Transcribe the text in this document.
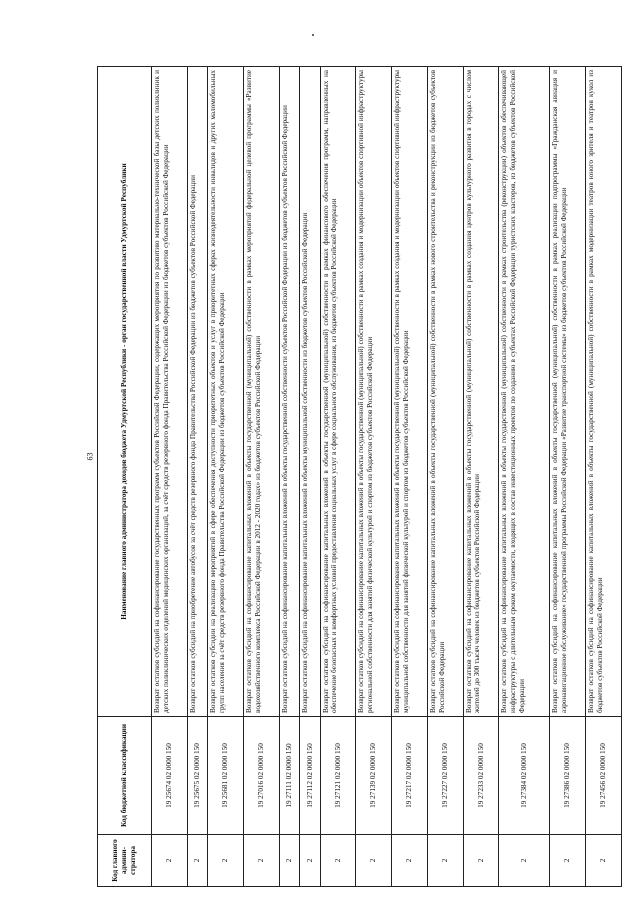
63
Код главного админи-стратора	Код бюджетной классификации	Наименование главного администратора доходов бюджета Удмуртской Республики - орган государственной власти Удмуртской Республики
2	19 25674 02 0000 150	Возврат остатков субсидий на софинансирование государственных программ субъектов Российской Федерации, содержащих мероприятия по развитию материально-технической базы детских поликлиник и детских поликлинических отделений медицинских организаций, за счёт средств резервного фонда Правительства Российской Федерации из бюджетов субъектов Российской Федерации
2	19 25675 02 0000 150	Возврат остатков субсидий на приобретение автобусов за счёт средств резервного фонда Правительства Российской Федерации из бюджетов субъектов Российской Федерации
2	19 25681 02 0000 150	Возврат остатков субсидии на реализацию мероприятий в сфере обеспечения доступности приоритетных объектов и услуг в приоритетных сферах жизнедеятельности инвалидов и других маломобильных групп населения за счёт средств резервного фонда Правительства Российской Федерации из бюджетов субъектов Российской Федерации
2	19 27016 02 0000 150	Возврат остатков субсидий на софинансирование капитальных вложений в объекты государственной (муниципальной) собственности в рамках мероприятий федеральной целевой программы «Развитие водохозяйственного комплекса Российской Федерации в 2012 - 2020 годах» из бюджетов субъектов Российской Федерации
2	19 27111 02 0000 150	Возврат остатков субсидий на софинансирование капитальных вложений в объекты государственной собственности субъектов Российской Федерации из бюджетов субъектов Российской Федерации
2	19 27112 02 0000 150	Возврат остатков субсидий на софинансирование капитальных вложений в объекты муниципальной собственности из бюджетов субъектов Российской Федерации
2	19 27121 02 0000 150	Возврат остатков субсидий на софинансирование капитальных вложений в объекты государственной (муниципальной) собственности в рамках финансового обеспечения программ, направленных на обеспечение безопасных и комфортных условий предоставления социальных услуг в сфере социального обслуживания, из бюджетов субъектов Российской Федерации
2	19 27139 02 0000 150	Возврат остатков субсидий на софинансирование капитальных вложений в объекты государственной (муниципальной) собственности в рамках создания и модернизации объектов спортивной инфраструктуры региональной собственности для занятий физической культурой и спортом из бюджетов субъектов Российской Федерации
2	19 27217 02 0000 150	Возврат остатков субсидий на софинансирование капитальных вложений в объекты государственной (муниципальной) собственности в рамках создания и модернизации объектов спортивной инфраструктуры муниципальной собственности для занятий физической культурой и спортом из бюджетов субъектов Российской Федерации
2	19 27227 02 0000 150	Возврат остатков субсидий на софинансирование капитальных вложений в объекты государственной (муниципальной) собственности в рамках нового строительства и реконструкции из бюджетов субъектов Российской Федерации
2	19 27233 02 0000 150	Возврат остатков субсидий на софинансирование капитальных вложений в объекты государственной (муниципальной) собственности в рамках создания центров культурного развития в городах с числом жителей до 300 тысяч человек из бюджетов субъектов Российской Федерации
2	19 27384 02 0000 150	Возврат остатков субсидий на софинансирование капитальных вложений в объекты государственной (муниципальной) собственности в рамках строительства (реконструкции) объектов обеспечивающей инфраструктуры с длительным сроком окупаемости, входящих в состав инвестиционных проектов по созданию в субъектах Российской Федерации туристских кластеров, из бюджетов субъектов Российской Федерации
2	19 27386 02 0000 150	Возврат остатков субсидий на софинансирование капитальных вложений в объекты государственной (муниципальной) собственности в рамках реализации подпрограммы «Гражданская авиация и аэронавигационное обслуживание» государственной программы Российской Федерации «Развитие транспортной системы» из бюджетов субъектов Российской Федерации
2	19 27456 02 0000 150	Возврат остатков субсидий на софинансирование капитальных вложений в объекты государственной (муниципальной) собственности в рамках модернизации театров юного зрителя и театров кукол из бюджетов субъектов Российской Федерации
